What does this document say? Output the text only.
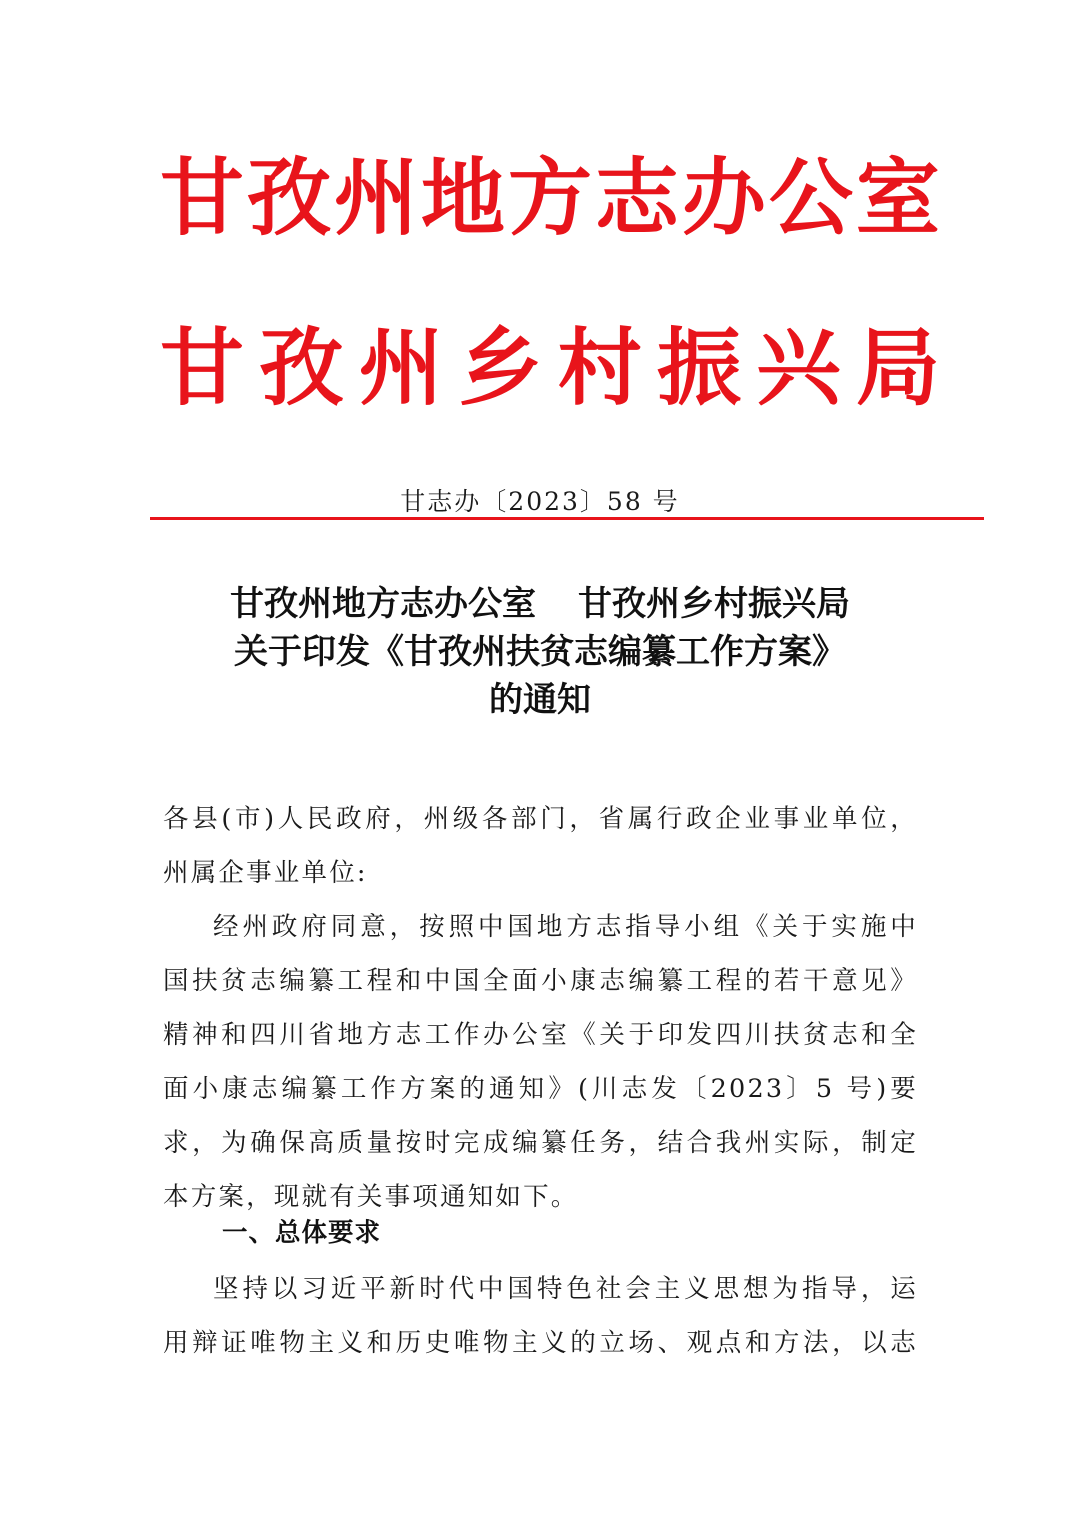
甘 孜 州 地 方 志 办 公 室
甘 孜 州 乡 村 振 兴 局
甘志办〔2023〕58 号
甘孜州地方志办公室 甘孜州乡村振兴局
关于印发《甘孜州扶贫志编纂工作方案》
的通知
各县(市)人民政府，州级各部门，省属行政企业事业单位，
州属企事业单位:
经州政府同意，按照中国地方志指导小组《关于实施中
国扶贫志编纂工程和中国全面小康志编纂工程的若干意见》
精神和四川省地方志工作办公室《关于印发四川扶贫志和全
面小康志编纂工作方案的通知》(川志发〔2023〕5 号)要
求，为确保高质量按时完成编纂任务，结合我州实际，制定
本方案，现就有关事项通知如下。
一、总体要求
坚持以习近平新时代中国特色社会主义思想为指导，运
用辩证唯物主义和历史唯物主义的立场、观点和方法，以志
